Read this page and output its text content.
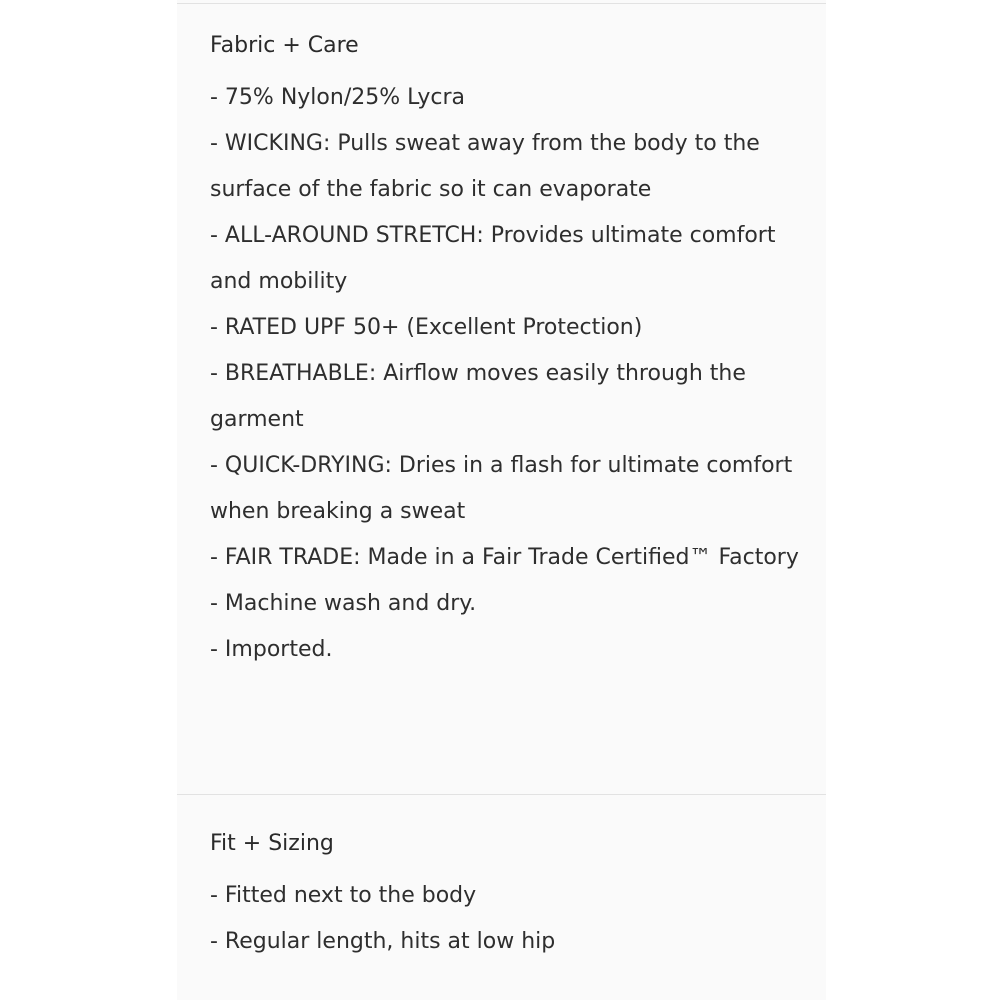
Fabric + Care
- 75% Nylon/25% Lycra
- WICKING: Pulls sweat away from the body to the surface of the fabric so it can evaporate
- ALL-AROUND STRETCH: Provides ultimate comfort and mobility
- RATED UPF 50+ (Excellent Protection)
- BREATHABLE: Airflow moves easily through the garment
- QUICK-DRYING: Dries in a flash for ultimate comfort when breaking a sweat
- FAIR TRADE: Made in a Fair Trade Certified™ Factory
- Machine wash and dry.
- Imported.
Fit + Sizing
- Fitted next to the body
- Regular length, hits at low hip
